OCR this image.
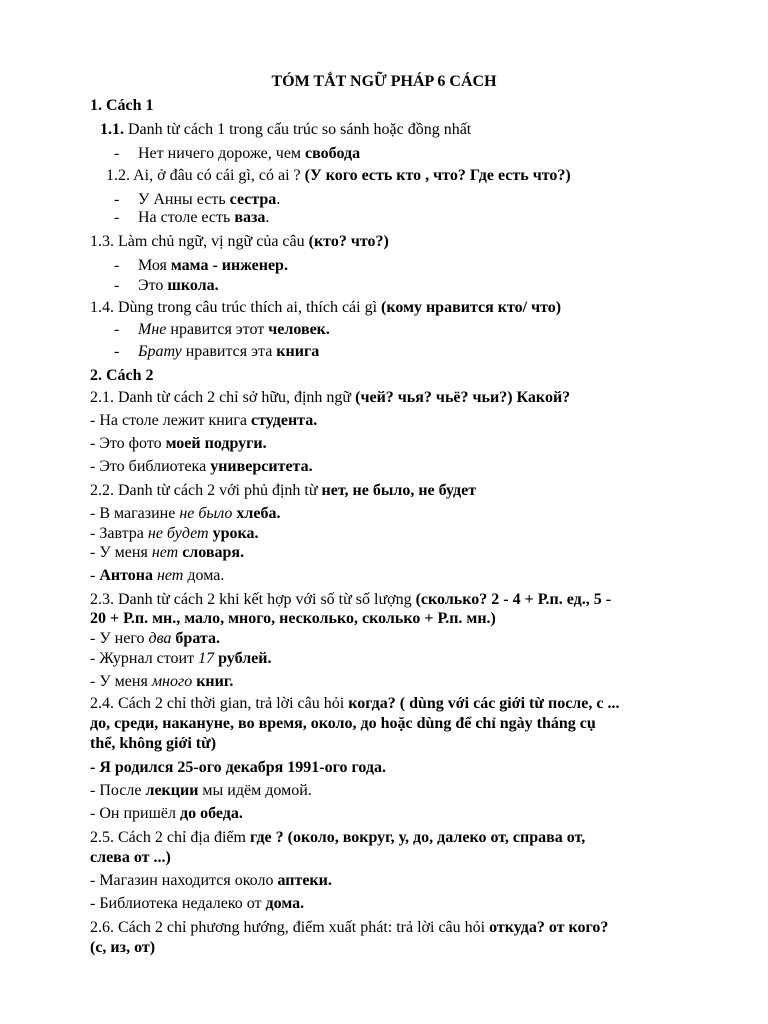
TÓM TẮT NGỮ PHÁP 6 CÁCH
1. Cách 1
1.1. Danh từ cách 1 trong cấu trúc so sánh hoặc đồng nhất
- Нет ничего дороже, чем свобода
1.2. Ai, ở đâu có cái gì, có ai ? (У кого есть кто , что? Где есть что?)
- У Анны есть сестра.
- На столе есть ваза.
1.3. Làm chủ ngữ, vị ngữ của câu (кто? что?)
- Моя мама - инженер.
- Это школа.
1.4. Dùng trong câu trúc thích ai, thích cái gì (кому нравится кто/ что)
- Мне нравится этот человек.
- Брату нравится эта книга
2. Cách 2
2.1. Danh từ cách 2 chỉ sở hữu, định ngữ (чей? чья? чьё? чьи?) Какой?
- На столе лежит книга студента.
- Это фото моей подруги.
- Это библиотека университета.
2.2. Danh từ cách 2 với phủ định từ нет, не было, не будет
- В магазине не было хлеба.
- Завтра не будет урока.
- У меня нет словаря.
- Антона нет дома.
2.3. Danh từ cách 2 khi kết hợp với số từ số lượng (сколько? 2 - 4 + Р.п. ед., 5 -
20 + Р.п. мн., мало, много, несколько, сколько + Р.п. мн.)
- У него два брата.
- Журнал стоит 17 рублей.
- У меня много книг.
2.4. Cách 2 chỉ thời gian, trả lời câu hỏi когда? ( dùng với các giới từ после, с ...
до, среди, накануне, во время, около, до hoặc dùng để chỉ ngày tháng cụ
thể, không giới từ)
- Я родился 25-ого декабря 1991-ого года.
- После лекции мы идём домой.
- Он пришёл до обеда.
2.5. Cách 2 chỉ địa điểm где ? (около, вокруг, у, до, далеко от, справа от,
слева от ...)
- Магазин находится около аптеки.
- Библиотека недалеко от дома.
2.6. Cách 2 chỉ phương hướng, điểm xuất phát: trả lời câu hỏi откуда? от кого?
(с, из, от)
